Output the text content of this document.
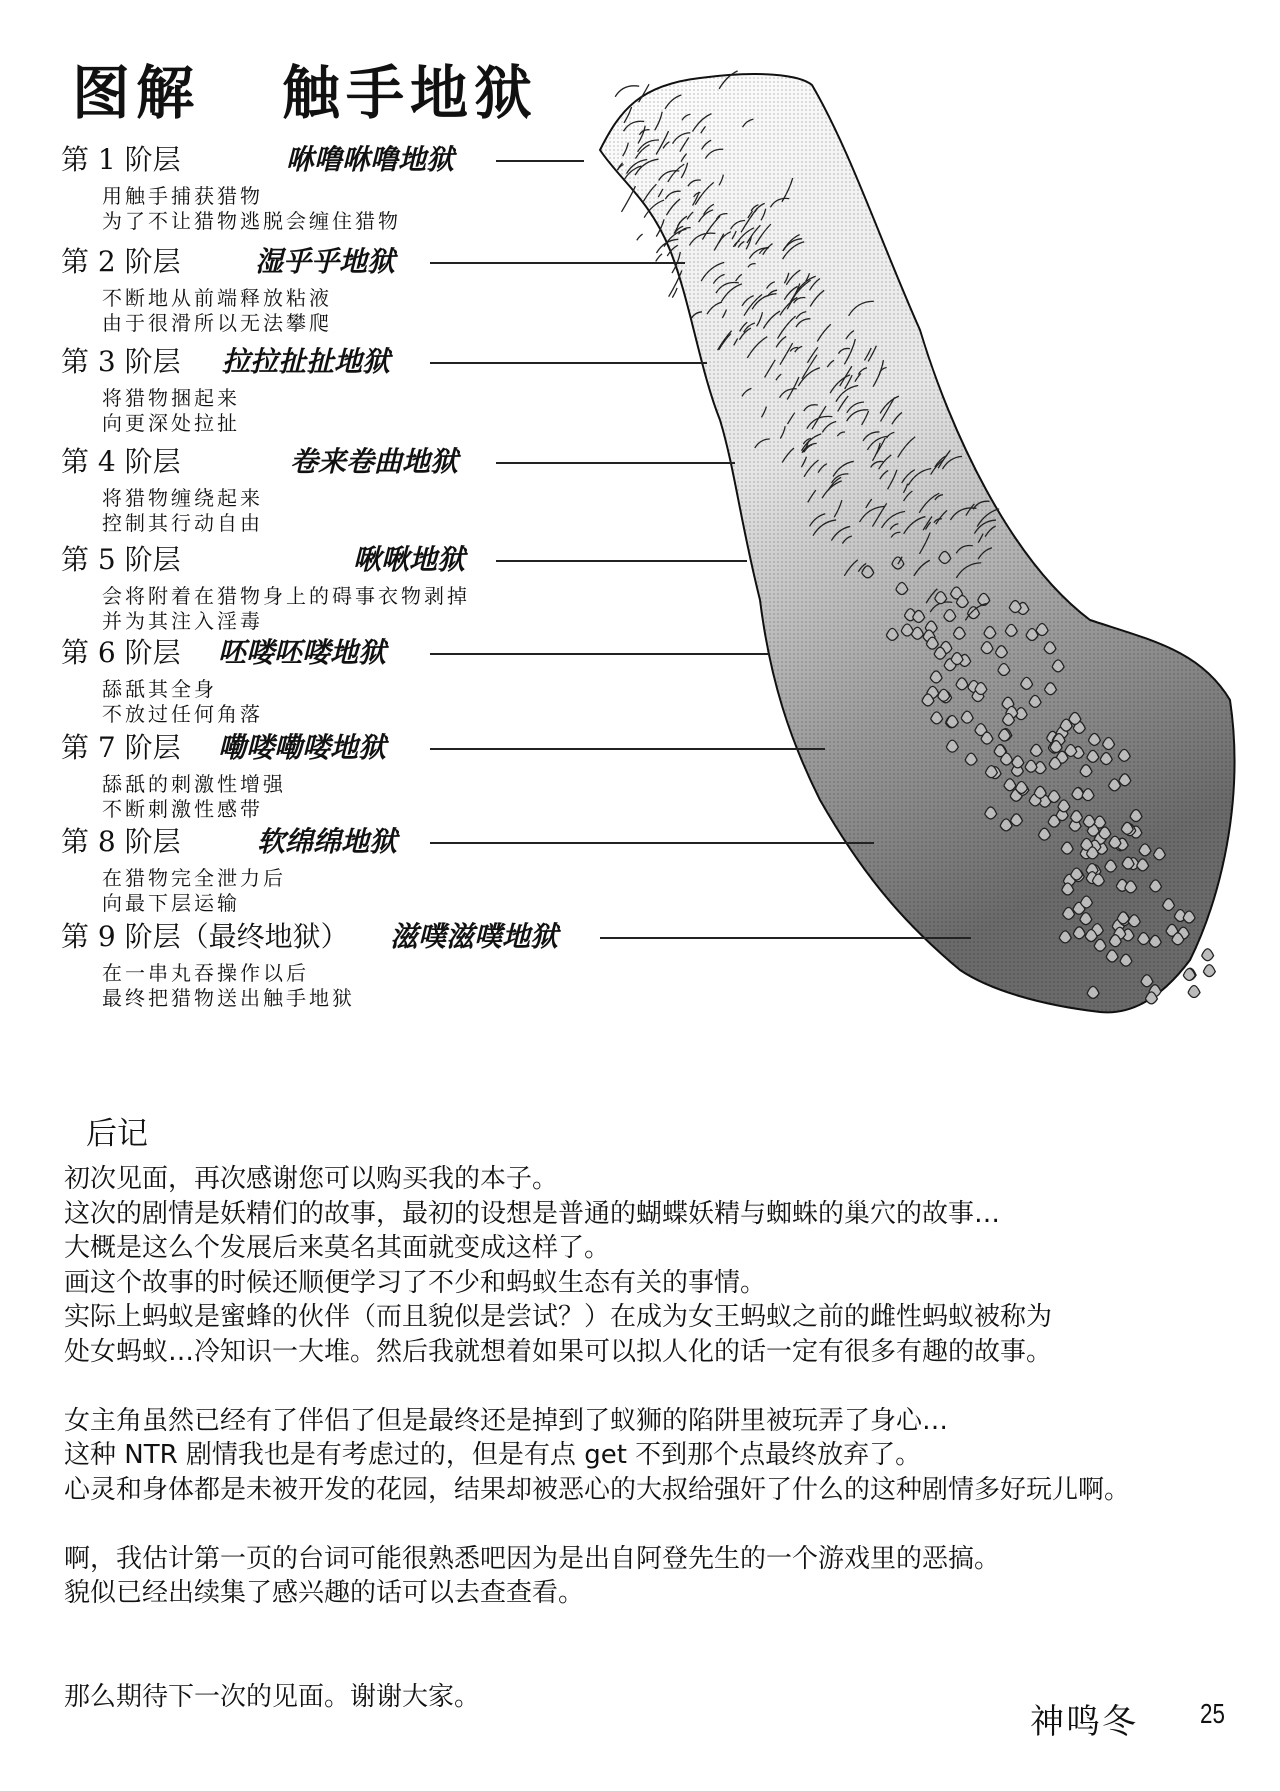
图解 触手地狱
第 1 阶层	咻噜咻噜地狱
用触手捕获猎物
为了不让猎物逃脱会缠住猎物
第 2 阶层	湿乎乎地狱
不断地从前端释放粘液
由于很滑所以无法攀爬
第 3 阶层 拉拉扯扯地狱
将猎物捆起来
向更深处拉扯
第 4 阶层	卷来卷曲地狱
将猎物缠绕起来
控制其行动自由
第 5 阶层	啾啾地狱
会将附着在猎物身上的碍事衣物剥掉
并为其注入淫毒
第 6 阶层 呸喽呸喽地狱
舔舐其全身
不放过任何角落
第 7 阶层 嘞喽嘞喽地狱
舔舐的刺激性增强
不断刺激性感带
第 8 阶层	软绵绵地狱
在猎物完全泄力后
向最下层运输
第 9 阶层（最终地狱） 滋噗滋噗地狱
在一串丸吞操作以后
最终把猎物送出触手地狱
后记

初次见面，再次感谢您可以购买我的本子。

这次的剧情是妖精们的故事，最初的设想是普通的蝴蝶妖精与蜘蛛的巢穴的故事…

大概是这么个发展后来莫名其面就变成这样了。

画这个故事的时候还顺便学习了不少和蚂蚁生态有关的事情。

实际上蚂蚁是蜜蜂的伙伴（而且貌似是尝试？）在成为女王蚂蚁之前的雌性蚂蚁被称为

处女蚂蚁…冷知识一大堆。然后我就想着如果可以拟人化的话一定有很多有趣的故事。

女主角虽然已经有了伴侣了但是最终还是掉到了蚁狮的陷阱里被玩弄了身心…

这种 NTR 剧情我也是有考虑过的，但是有点 get 不到那个点最终放弃了。

心灵和身体都是未被开发的花园，结果却被恶心的大叔给强奸了什么的这种剧情多好玩儿啊。

啊，我估计第一页的台词可能很熟悉吧因为是出自阿登先生的一个游戏里的恶搞。

貌似已经出续集了感兴趣的话可以去查查看。

那么期待下一次的见面。谢谢大家。

神鸣冬 25
